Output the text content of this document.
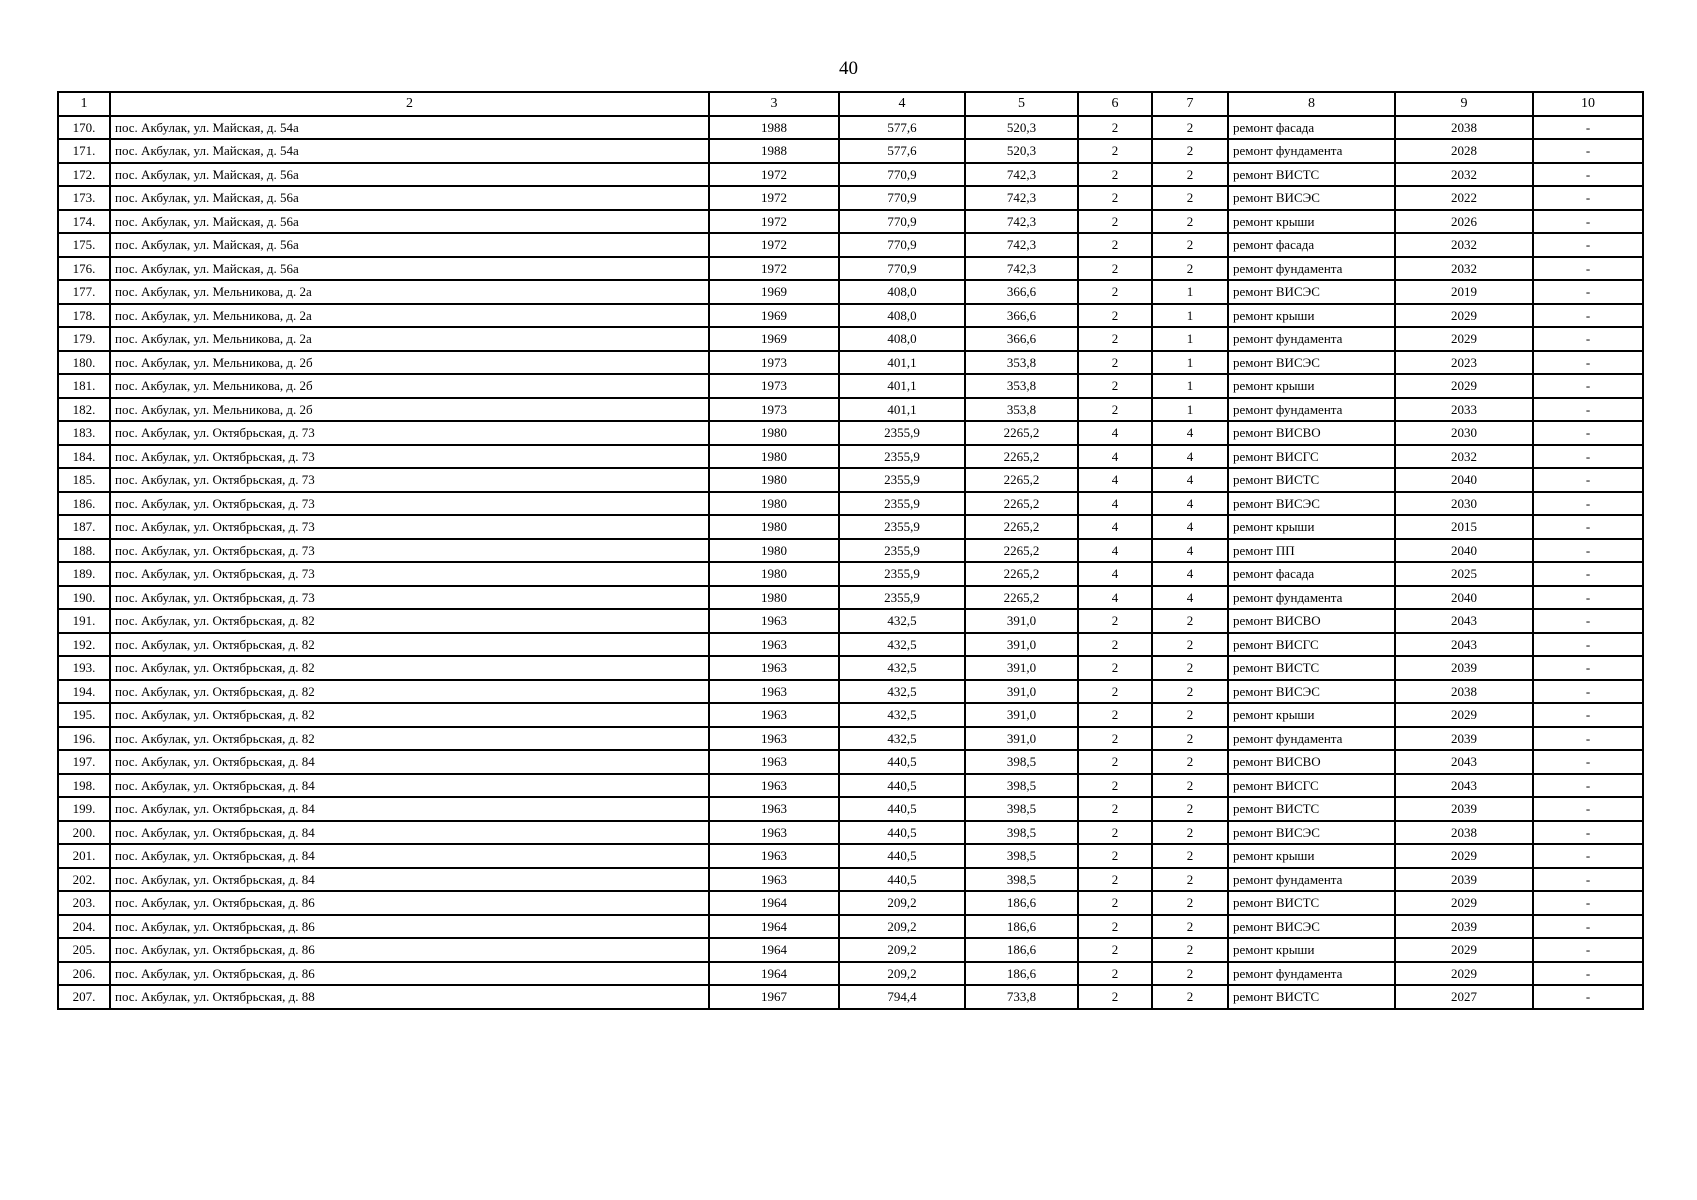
40
1	2	3	4	5	6	7	8	9	10
170.	пос. Акбулак, ул. Майская, д. 54а	1988	577,6	520,3	2	2	ремонт фасада	2038	-
171.	пос. Акбулак, ул. Майская, д. 54а	1988	577,6	520,3	2	2	ремонт фундамента	2028	-
172.	пос. Акбулак, ул. Майская, д. 56а	1972	770,9	742,3	2	2	ремонт ВИСТС	2032	-
173.	пос. Акбулак, ул. Майская, д. 56а	1972	770,9	742,3	2	2	ремонт ВИСЭС	2022	-
174.	пос. Акбулак, ул. Майская, д. 56а	1972	770,9	742,3	2	2	ремонт крыши	2026	-
175.	пос. Акбулак, ул. Майская, д. 56а	1972	770,9	742,3	2	2	ремонт фасада	2032	-
176.	пос. Акбулак, ул. Майская, д. 56а	1972	770,9	742,3	2	2	ремонт фундамента	2032	-
177.	пос. Акбулак, ул. Мельникова, д. 2а	1969	408,0	366,6	2	1	ремонт ВИСЭС	2019	-
178.	пос. Акбулак, ул. Мельникова, д. 2а	1969	408,0	366,6	2	1	ремонт крыши	2029	-
179.	пос. Акбулак, ул. Мельникова, д. 2а	1969	408,0	366,6	2	1	ремонт фундамента	2029	-
180.	пос. Акбулак, ул. Мельникова, д. 2б	1973	401,1	353,8	2	1	ремонт ВИСЭС	2023	-
181.	пос. Акбулак, ул. Мельникова, д. 2б	1973	401,1	353,8	2	1	ремонт крыши	2029	-
182.	пос. Акбулак, ул. Мельникова, д. 2б	1973	401,1	353,8	2	1	ремонт фундамента	2033	-
183.	пос. Акбулак, ул. Октябрьская, д. 73	1980	2355,9	2265,2	4	4	ремонт ВИСВО	2030	-
184.	пос. Акбулак, ул. Октябрьская, д. 73	1980	2355,9	2265,2	4	4	ремонт ВИСГС	2032	-
185.	пос. Акбулак, ул. Октябрьская, д. 73	1980	2355,9	2265,2	4	4	ремонт ВИСТС	2040	-
186.	пос. Акбулак, ул. Октябрьская, д. 73	1980	2355,9	2265,2	4	4	ремонт ВИСЭС	2030	-
187.	пос. Акбулак, ул. Октябрьская, д. 73	1980	2355,9	2265,2	4	4	ремонт крыши	2015	-
188.	пос. Акбулак, ул. Октябрьская, д. 73	1980	2355,9	2265,2	4	4	ремонт ПП	2040	-
189.	пос. Акбулак, ул. Октябрьская, д. 73	1980	2355,9	2265,2	4	4	ремонт фасада	2025	-
190.	пос. Акбулак, ул. Октябрьская, д. 73	1980	2355,9	2265,2	4	4	ремонт фундамента	2040	-
191.	пос. Акбулак, ул. Октябрьская, д. 82	1963	432,5	391,0	2	2	ремонт ВИСВО	2043	-
192.	пос. Акбулак, ул. Октябрьская, д. 82	1963	432,5	391,0	2	2	ремонт ВИСГС	2043	-
193.	пос. Акбулак, ул. Октябрьская, д. 82	1963	432,5	391,0	2	2	ремонт ВИСТС	2039	-
194.	пос. Акбулак, ул. Октябрьская, д. 82	1963	432,5	391,0	2	2	ремонт ВИСЭС	2038	-
195.	пос. Акбулак, ул. Октябрьская, д. 82	1963	432,5	391,0	2	2	ремонт крыши	2029	-
196.	пос. Акбулак, ул. Октябрьская, д. 82	1963	432,5	391,0	2	2	ремонт фундамента	2039	-
197.	пос. Акбулак, ул. Октябрьская, д. 84	1963	440,5	398,5	2	2	ремонт ВИСВО	2043	-
198.	пос. Акбулак, ул. Октябрьская, д. 84	1963	440,5	398,5	2	2	ремонт ВИСГС	2043	-
199.	пос. Акбулак, ул. Октябрьская, д. 84	1963	440,5	398,5	2	2	ремонт ВИСТС	2039	-
200.	пос. Акбулак, ул. Октябрьская, д. 84	1963	440,5	398,5	2	2	ремонт ВИСЭС	2038	-
201.	пос. Акбулак, ул. Октябрьская, д. 84	1963	440,5	398,5	2	2	ремонт крыши	2029	-
202.	пос. Акбулак, ул. Октябрьская, д. 84	1963	440,5	398,5	2	2	ремонт фундамента	2039	-
203.	пос. Акбулак, ул. Октябрьская, д. 86	1964	209,2	186,6	2	2	ремонт ВИСТС	2029	-
204.	пос. Акбулак, ул. Октябрьская, д. 86	1964	209,2	186,6	2	2	ремонт ВИСЭС	2039	-
205.	пос. Акбулак, ул. Октябрьская, д. 86	1964	209,2	186,6	2	2	ремонт крыши	2029	-
206.	пос. Акбулак, ул. Октябрьская, д. 86	1964	209,2	186,6	2	2	ремонт фундамента	2029	-
207.	пос. Акбулак, ул. Октябрьская, д. 88	1967	794,4	733,8	2	2	ремонт ВИСТС	2027	-
